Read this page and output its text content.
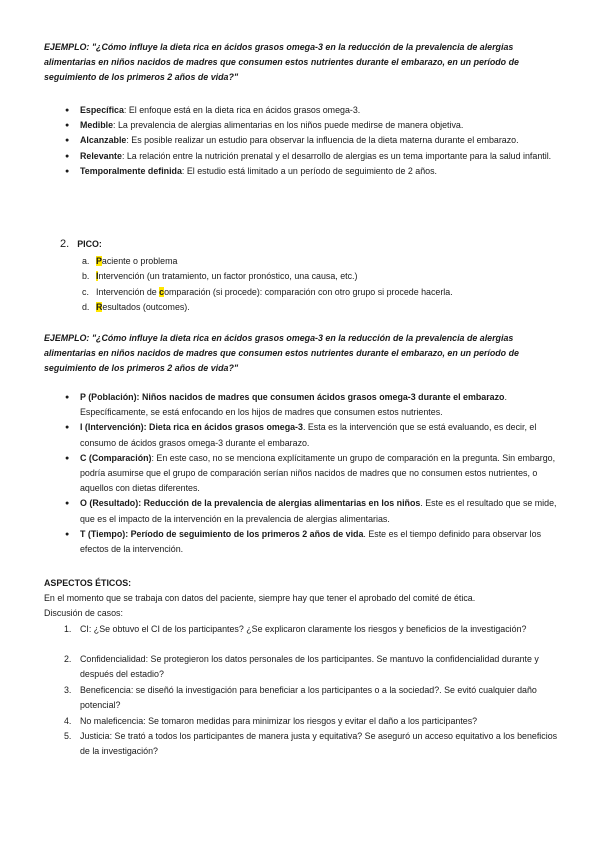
EJEMPLO: "¿Cómo influye la dieta rica en ácidos grasos omega-3 en la reducción de la prevalencia de alergias alimentarias en niños nacidos de madres que consumen estos nutrientes durante el embarazo, en un período de seguimiento de los primeros 2 años de vida?"

● Específica: El enfoque está en la dieta rica en ácidos grasos omega-3.
● Medible: La prevalencia de alergias alimentarias en los niños puede medirse de manera objetiva.
● Alcanzable: Es posible realizar un estudio para observar la influencia de la dieta materna durante el embarazo.
● Relevante: La relación entre la nutrición prenatal y el desarrollo de alergias es un tema importante para la salud infantil.
● Temporalmente definida: El estudio está limitado a un período de seguimiento de 2 años.
2. PICO:
a. Paciente o problema
b. Intervención (un tratamiento, un factor pronóstico, una causa, etc.)
c. Intervención de comparación (si procede): comparación con otro grupo si procede hacerla.
d. Resultados (outcomes).

EJEMPLO: "¿Cómo influye la dieta rica en ácidos grasos omega-3 en la reducción de la prevalencia de alergias alimentarias en niños nacidos de madres que consumen estos nutrientes durante el embarazo, en un período de seguimiento de los primeros 2 años de vida?"

● P (Población): Niños nacidos de madres que consumen ácidos grasos omega-3 durante el embarazo. Específicamente, se está enfocando en los hijos de madres que consumen estos nutrientes.
● I (Intervención): Dieta rica en ácidos grasos omega-3. Esta es la intervención que se está evaluando, es decir, el consumo de ácidos grasos omega-3 durante el embarazo.
● C (Comparación): En este caso, no se menciona explícitamente un grupo de comparación en la pregunta. Sin embargo, podría asumirse que el grupo de comparación serían niños nacidos de madres que no consumen estos nutrientes, o aquellos con dietas diferentes.
● O (Resultado): Reducción de la prevalencia de alergias alimentarias en los niños. Este es el resultado que se mide, que es el impacto de la intervención en la prevalencia de alergias alimentarias.
● T (Tiempo): Período de seguimiento de los primeros 2 años de vida. Este es el tiempo definido para observar los efectos de la intervención.

ASPECTOS ÉTICOS:

En el momento que se trabaja con datos del paciente, siempre hay que tener el aprobado del comité de ética.

Discusión de casos:

1. CI: ¿Se obtuvo el CI de los participantes? ¿Se explicaron claramente los riesgos y beneficios de la investigación?
2. Confidencialidad: Se protegieron los datos personales de los participantes. Se mantuvo la confidencialidad durante y después del estadio?
3. Beneficencia: se diseñó la investigación para beneficiar a los participantes o a la sociedad?. Se evitó cualquier daño potencial?
4. No maleficencia: Se tomaron medidas para minimizar los riesgos y evitar el daño a los participantes?
5. Justicia: Se trató a todos los participantes de manera justa y equitativa? Se aseguró un acceso equitativo a los beneficios de la investigación?
